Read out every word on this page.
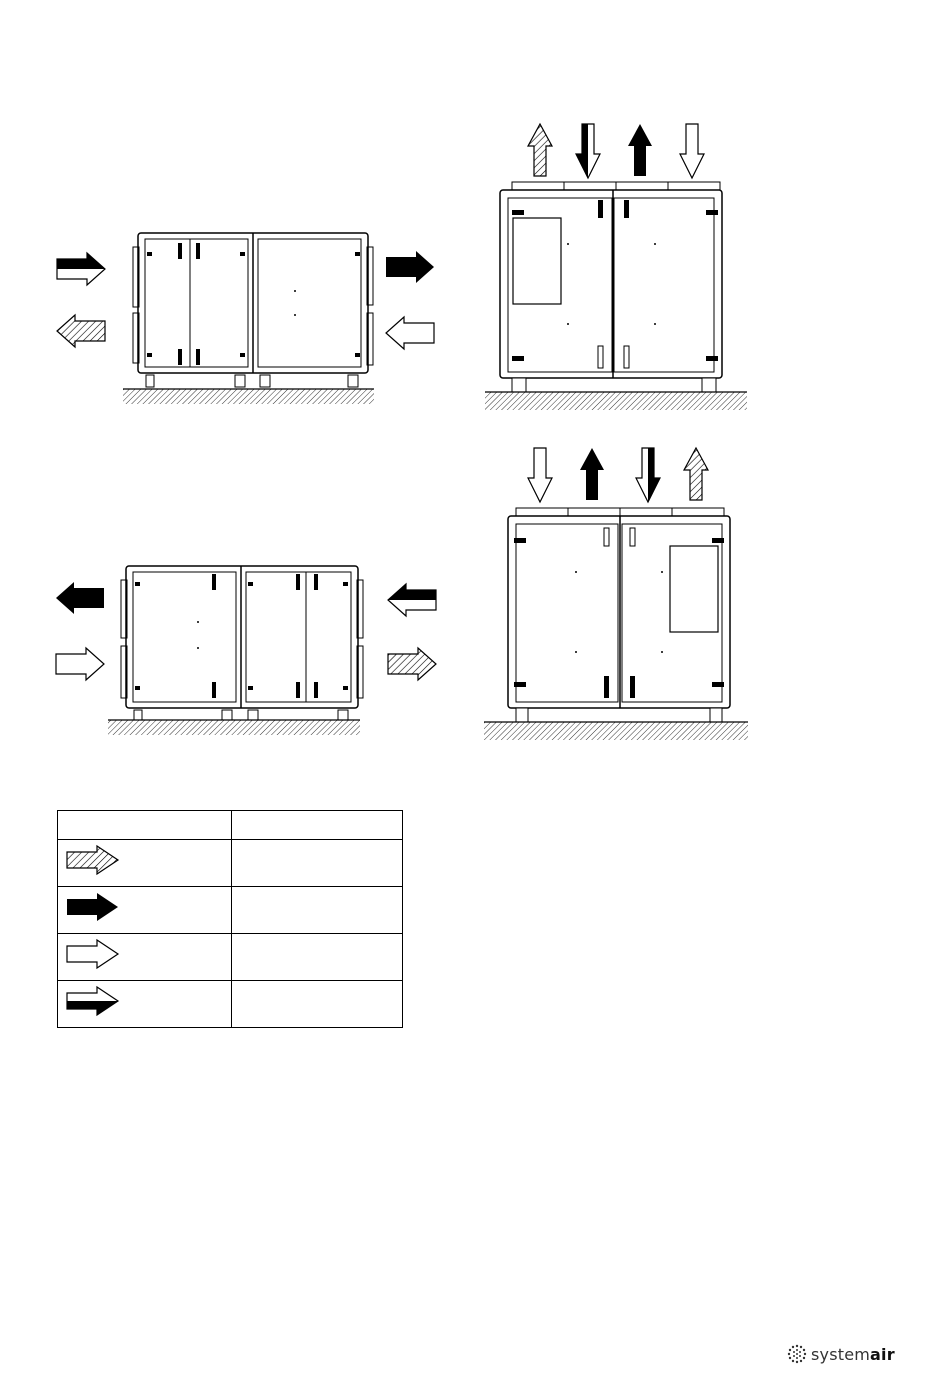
systemair
